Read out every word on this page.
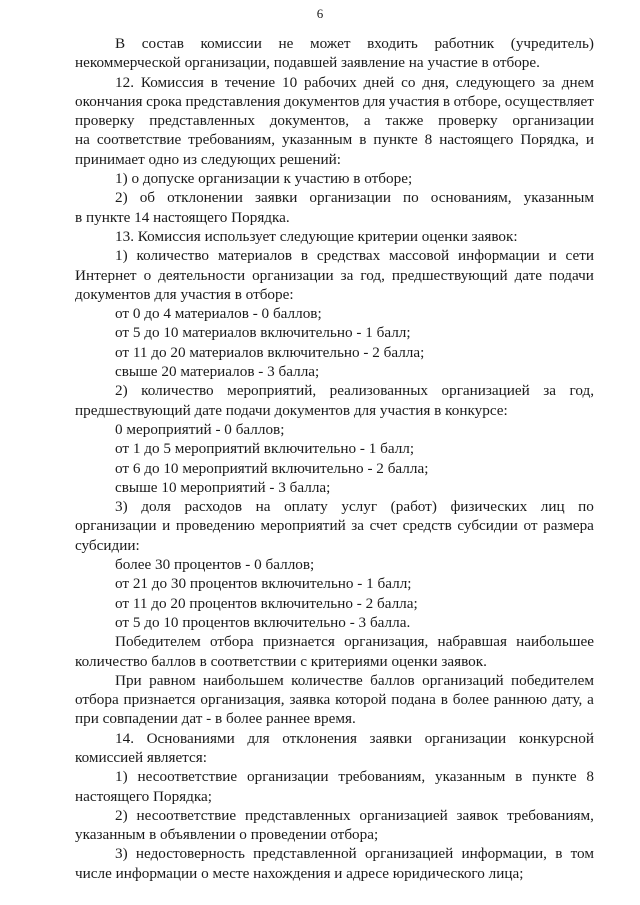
6
В состав комиссии не может входить работник (учредитель)
некоммерческой организации, подавшей заявление на участие в отборе.
12. Комиссия в течение 10 рабочих дней со дня, следующего за днем
окончания срока представления документов для участия в отборе, осуществляет
проверку представленных документов, а также проверку организации
на соответствие требованиям, указанным в пункте 8 настоящего Порядка, и
принимает одно из следующих решений:
1) о допуске организации к участию в отборе;
2) об отклонении заявки организации по основаниям, указанным
в пункте 14 настоящего Порядка.
13. Комиссия использует следующие критерии оценки заявок:
1) количество материалов в средствах массовой информации и сети
Интернет о деятельности организации за год, предшествующий дате подачи
документов для участия в отборе:
от 0 до 4 материалов - 0 баллов;
от 5 до 10 материалов включительно - 1 балл;
от 11 до 20 материалов включительно - 2 балла;
свыше 20 материалов - 3 балла;
2) количество мероприятий, реализованных организацией за год,
предшествующий дате подачи документов для участия в конкурсе:
0 мероприятий - 0 баллов;
от 1 до 5 мероприятий включительно - 1 балл;
от 6 до 10 мероприятий включительно - 2 балла;
свыше 10 мероприятий - 3 балла;
3) доля расходов на оплату услуг (работ) физических лиц по
организации и проведению мероприятий за счет средств субсидии от размера
субсидии:
более 30 процентов - 0 баллов;
от 21 до 30 процентов включительно - 1 балл;
от 11 до 20 процентов включительно - 2 балла;
от 5 до 10 процентов включительно - 3 балла.
Победителем отбора признается организация, набравшая наибольшее
количество баллов в соответствии с критериями оценки заявок.
При равном наибольшем количестве баллов организаций победителем
отбора признается организация, заявка которой подана в более раннюю дату, а
при совпадении дат - в более раннее время.
14. Основаниями для отклонения заявки организации конкурсной
комиссией является:
1) несоответствие организации требованиям, указанным в пункте 8
настоящего Порядка;
2) несоответствие представленных организацией заявок требованиям,
указанным в объявлении о проведении отбора;
3) недостоверность представленной организацией информации, в том
числе информации о месте нахождения и адресе юридического лица;
